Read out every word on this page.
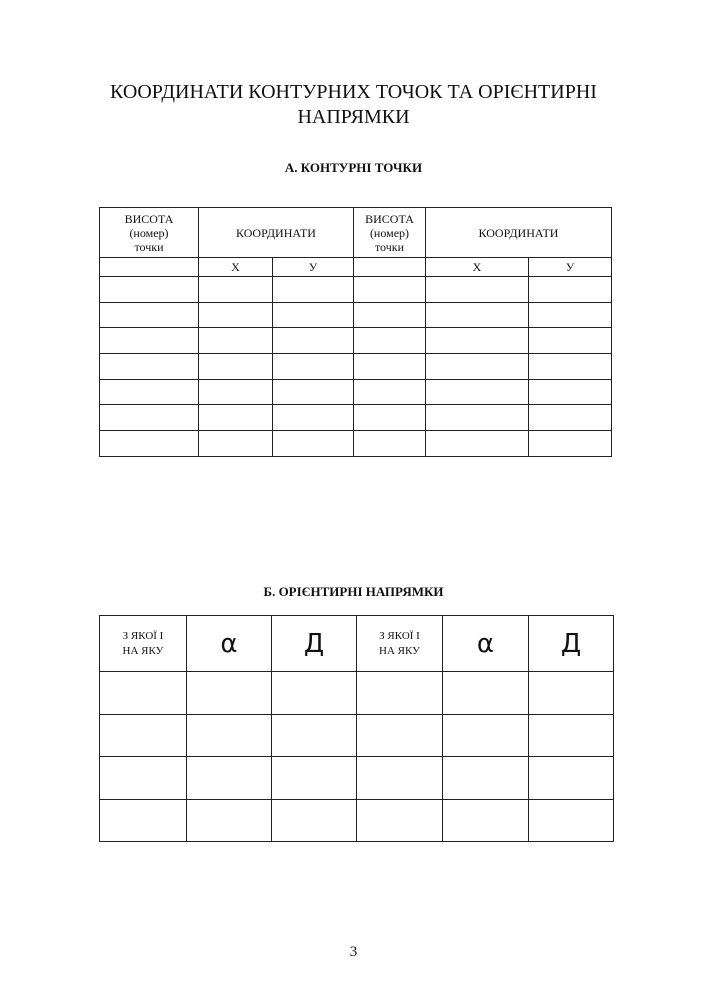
КООРДИНАТИ КОНТУРНИХ ТОЧОК ТА ОРІЄНТИРНІ НАПРЯМКИ
А. КОНТУРНІ ТОЧКИ
ВИСОТА
(номер)
точки	КООРДИНАТИ		ВИСОТА
(номер)
точки	КООРДИНАТИ	
	Х	У		Х	У

Б. ОРІЄНТИРНІ НАПРЯМКИ
З ЯКОЇ І
НА ЯКУ	α	Д	З ЯКОЇ І
НА ЯКУ	α	Д

3
